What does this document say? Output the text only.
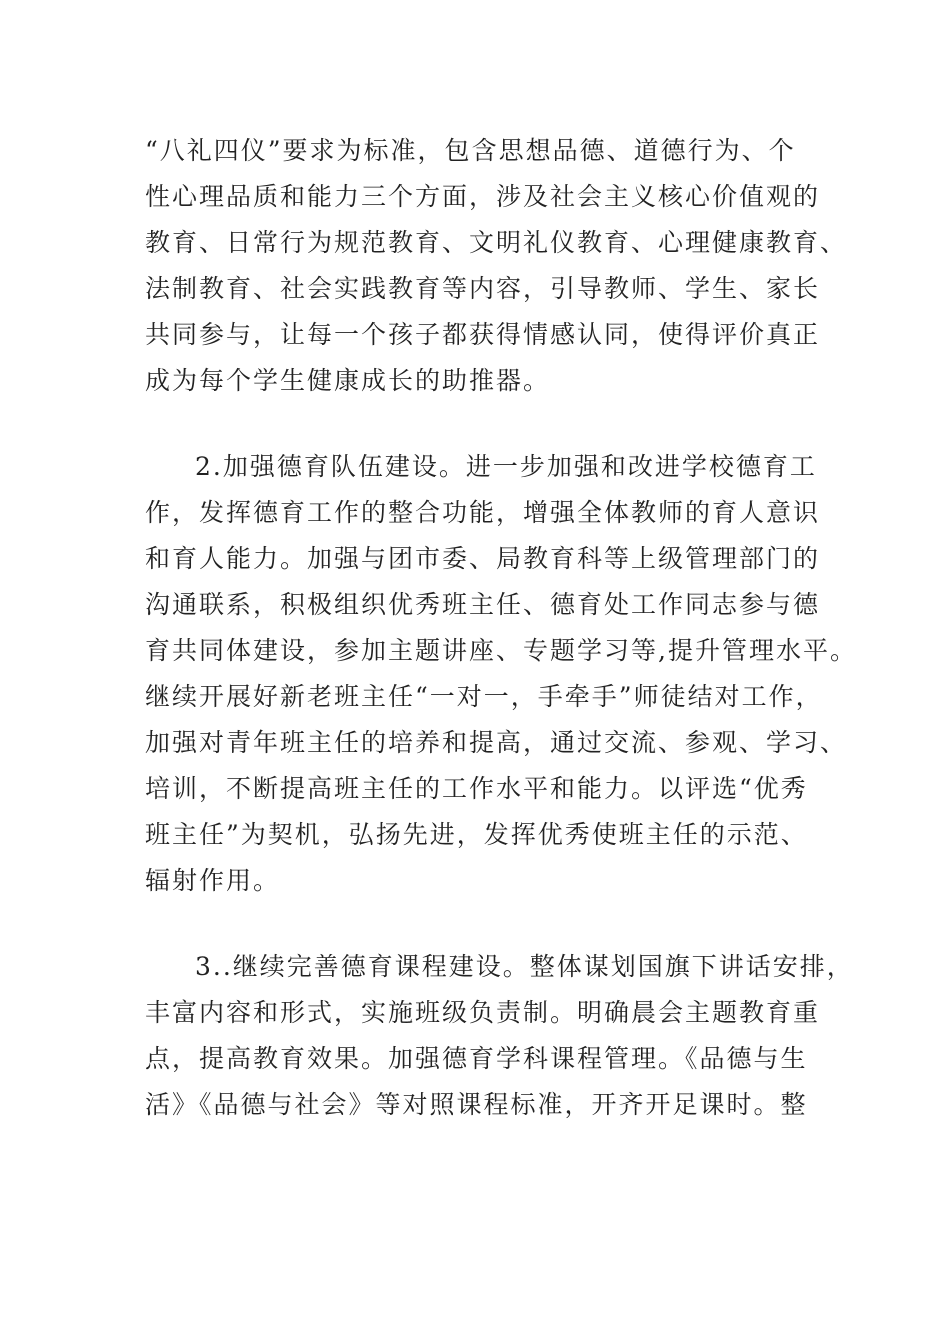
“八礼四仪”要求为标准，包含思想品德、道德行为、个
性心理品质和能力三个方面，涉及社会主义核心价值观的
教育、日常行为规范教育、文明礼仪教育、心理健康教育、
法制教育、社会实践教育等内容，引导教师、学生、家长
共同参与，让每一个孩子都获得情感认同，使得评价真正
成为每个学生健康成长的助推器。
2.加强德育队伍建设。进一步加强和改进学校德育工
作，发挥德育工作的整合功能，增强全体教师的育人意识
和育人能力。加强与团市委、局教育科等上级管理部门的
沟通联系，积极组织优秀班主任、德育处工作同志参与德
育共同体建设，参加主题讲座、专题学习等,提升管理水平。
继续开展好新老班主任“一对一，手牵手”师徒结对工作，
加强对青年班主任的培养和提高，通过交流、参观、学习、
培训，不断提高班主任的工作水平和能力。以评选“优秀
班主任”为契机，弘扬先进，发挥优秀使班主任的示范、
辐射作用。
3..继续完善德育课程建设。整体谋划国旗下讲话安排，
丰富内容和形式，实施班级负责制。明确晨会主题教育重
点，提高教育效果。加强德育学科课程管理。《品德与生
活》《品德与社会》等对照课程标准，开齐开足课时。整
